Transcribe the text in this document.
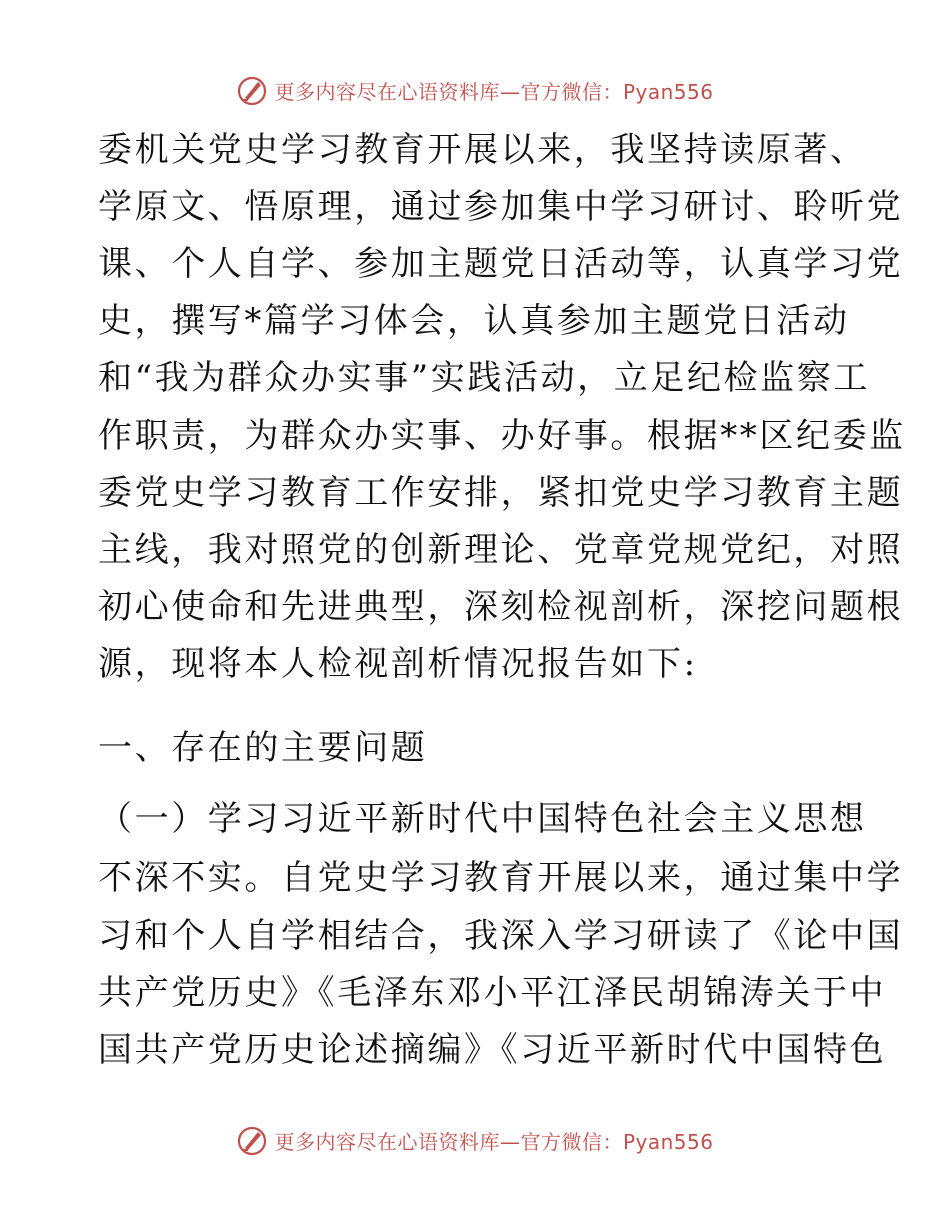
更多内容尽在心语资料库—官方微信：Pyan556
委机关党史学习教育开展以来，我坚持读原著、
学原文、悟原理，通过参加集中学习研讨、聆听党
课、个人自学、参加主题党日活动等，认真学习党
史，撰写*篇学习体会，认真参加主题党日活动
和“我为群众办实事”实践活动，立足纪检监察工
作职责，为群众办实事、办好事。根据**区纪委监
委党史学习教育工作安排，紧扣党史学习教育主题
主线，我对照党的创新理论、党章党规党纪，对照
初心使命和先进典型，深刻检视剖析，深挖问题根
源，现将本人检视剖析情况报告如下:
一、存在的主要问题
（一）学习习近平新时代中国特色社会主义思想
不深不实。自党史学习教育开展以来，通过集中学
习和个人自学相结合，我深入学习研读了《论中国
共产党历史》《毛泽东邓小平江泽民胡锦涛关于中
国共产党历史论述摘编》《习近平新时代中国特色
更多内容尽在心语资料库—官方微信：Pyan556
